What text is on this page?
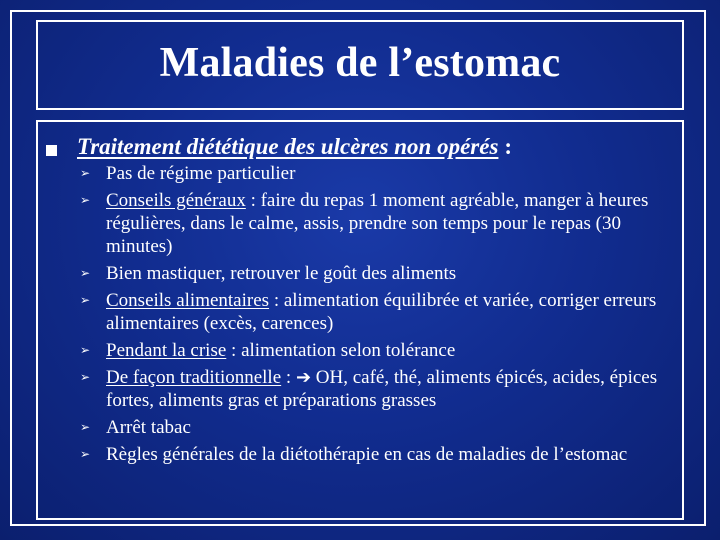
Maladies de l’estomac
Traitement diététique des ulcères non opérés :
➢ Pas de régime particulier
➢ Conseils généraux : faire du repas 1 moment agréable, manger à heures régulières, dans le calme, assis, prendre son temps pour le repas (30 minutes)
➢ Bien mastiquer, retrouver le goût des aliments
➢ Conseils alimentaires : alimentation équilibrée et variée, corriger erreurs alimentaires (excès, carences)
➢ Pendant la crise : alimentation selon tolérance
➢ De façon traditionnelle : ➔ OH, café, thé, aliments épicés, acides, épices fortes, aliments gras et préparations grasses
➢ Arrêt tabac
➢ Règles générales de la diétothérapie en cas de maladies de l’estomac
